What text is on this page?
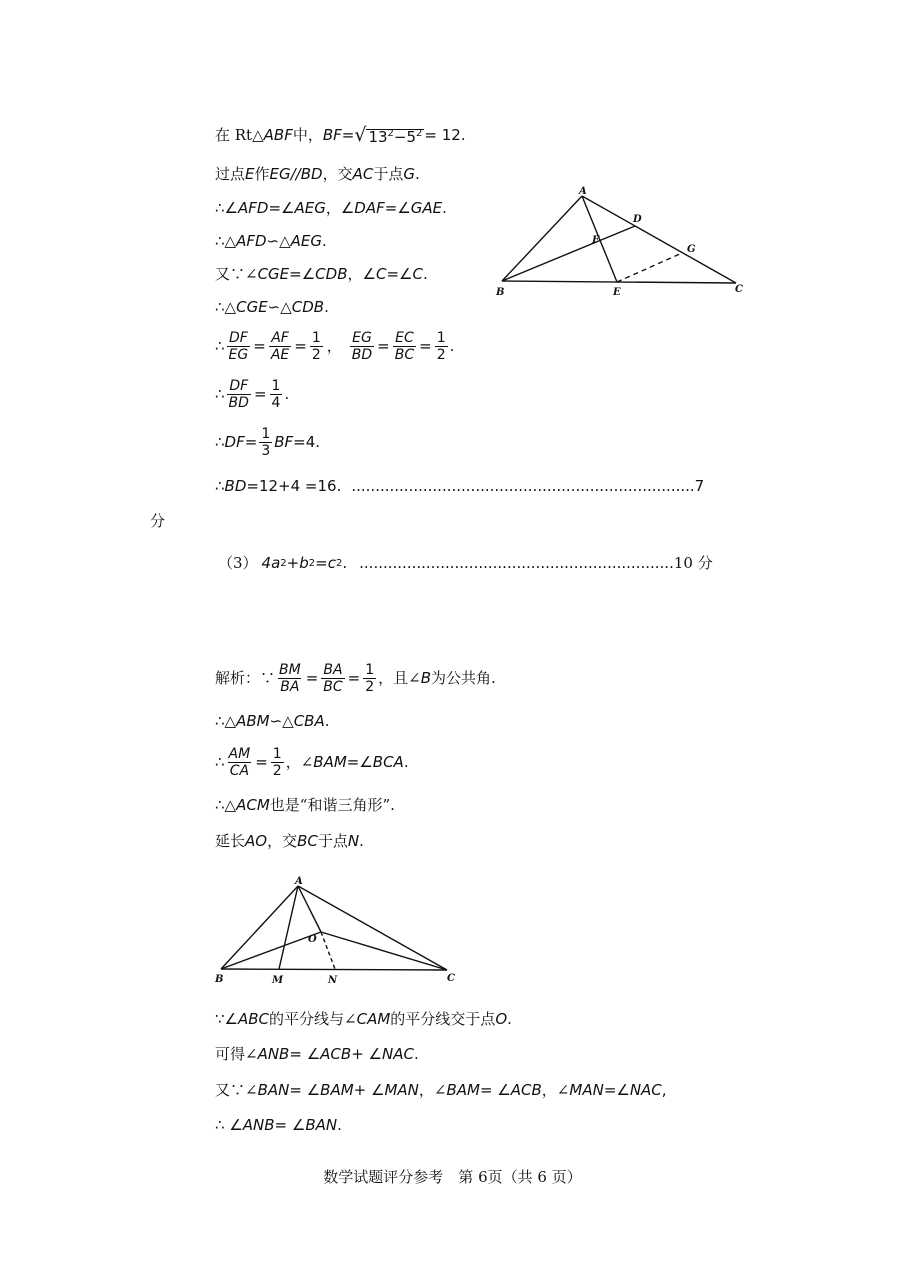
在 Rt△ ABF 中， BF = √ $13^2-5^2 = 12$.
过点 E 作 EG//BD ，交 AC 于点 G .
∴∠ AFD =∠ AEG ，∠ DAF =∠ GAE .
∴△ AFD ∽△ AEG .
又∵∠ CGE =∠ CDB ，∠ C =∠ C .
∴△ CGE ∽△ CDB .
∴ $\frac{DF}{EG} = \frac{AF}{AE} = \frac{1}{2}$ ， $\frac{EG}{BD} = \frac{EC}{BC} = \frac{1}{2}$ .
∴ $\frac{DF}{BD} = \frac{1}{4}$ .
∴ DF = $\frac{1}{3}$ BF =4.
∴ BD =12+4 =16. ........................................................................ 7
分
（3） 4a 2 + b 2 = c 2 . .................................................................. 10 分
解析：∵ $\frac{BM}{BA} = \frac{BA}{BC} = \frac{1}{2}$ ，且∠ B 为公共角.
∴△ ABM ∽△ CBA .
∴ $\frac{AM}{CA} = \frac{1}{2}$ ，∠ BAM =∠ BCA .
∴△ ACM 也是“和谐三角形”.
延长 AO ，交 BC 于点 N .
A
D
F
G
B	E	C
A
O
B	M	N	C
∵∠ ABC 的平分线与∠ CAM 的平分线交于点 O .
可得∠ ANB = ∠ ACB + ∠ NAC .
又∵∠ BAN = ∠ BAM + ∠ MAN ，∠ BAM = ∠ ACB ，∠ MAN =∠ NAC ,
∴ ∠ ANB = ∠ BAN .
数学试题评分参考　第 6页（共 6 页）
